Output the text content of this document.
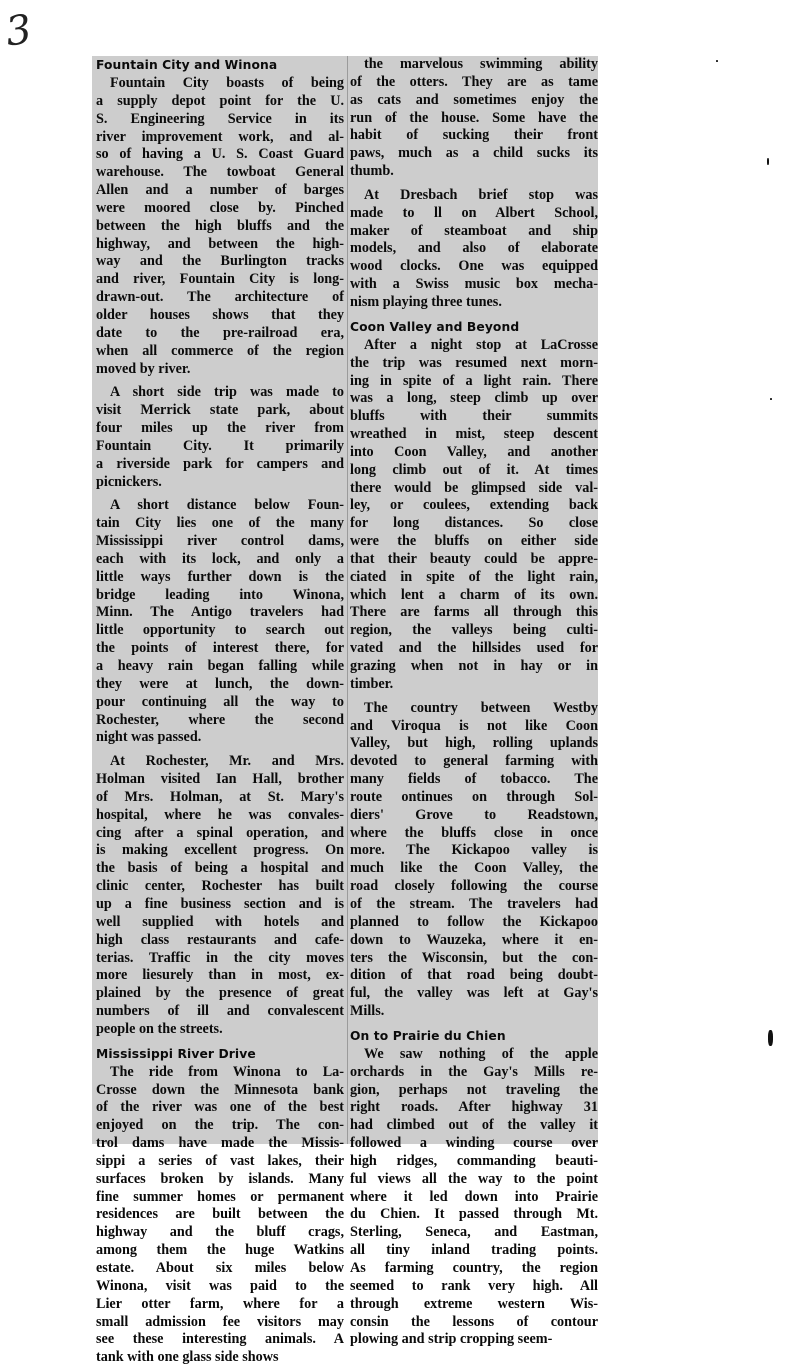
3
Fountain City and Winona
Fountain City boasts of being
a supply depot point for the U.
S. Engineering Service in its
river improvement work, and al-
so of having a U. S. Coast Guard
warehouse. The towboat General
Allen and a number of barges
were moored close by. Pinched
between the high bluffs and the
highway, and between the high-
way and the Burlington tracks
and river, Fountain City is long-
drawn-out. The architecture of
older houses shows that they
date to the pre-railroad era,
when all commerce of the region
moved by river.
A short side trip was made to
visit Merrick state park, about
four miles up the river from
Fountain City. It primarily
a riverside park for campers and
picnickers.
A short distance below Foun-
tain City lies one of the many
Mississippi river control dams,
each with its lock, and only a
little ways further down is the
bridge leading into Winona,
Minn. The Antigo travelers had
little opportunity to search out
the points of interest there, for
a heavy rain began falling while
they were at lunch, the down-
pour continuing all the way to
Rochester, where the second
night was passed.
At Rochester, Mr. and Mrs.
Holman visited Ian Hall, brother
of Mrs. Holman, at St. Mary's
hospital, where he was convales-
cing after a spinal operation, and
is making excellent progress. On
the basis of being a hospital and
clinic center, Rochester has built
up a fine business section and is
well supplied with hotels and
high class restaurants and cafe-
terias. Traffic in the city moves
more liesurely than in most, ex-
plained by the presence of great
numbers of ill and convalescent
people on the streets.
Mississippi River Drive
The ride from Winona to La-
Crosse down the Minnesota bank
of the river was one of the best
enjoyed on the trip. The con-
trol dams have made the Missis-
sippi a series of vast lakes, their
surfaces broken by islands. Many
fine summer homes or permanent
residences are built between the
highway and the bluff crags,
among them the huge Watkins
estate. About six miles below
Winona, visit was paid to the
Lier otter farm, where for a
small admission fee visitors may
see these interesting animals. A
tank with one glass side shows
the marvelous swimming ability
of the otters. They are as tame
as cats and sometimes enjoy the
run of the house. Some have the
habit of sucking their front
paws, much as a child sucks its
thumb.
At Dresbach brief stop was
made to ll on Albert School,
maker of steamboat and ship
models, and also of elaborate
wood clocks. One was equipped
with a Swiss music box mecha-
nism playing three tunes.
Coon Valley and Beyond
After a night stop at LaCrosse
the trip was resumed next morn-
ing in spite of a light rain. There
was a long, steep climb up over
bluffs with their summits
wreathed in mist, steep descent
into Coon Valley, and another
long climb out of it. At times
there would be glimpsed side val-
ley, or coulees, extending back
for long distances. So close
were the bluffs on either side
that their beauty could be appre-
ciated in spite of the light rain,
which lent a charm of its own.
There are farms all through this
region, the valleys being culti-
vated and the hillsides used for
grazing when not in hay or in
timber.
The country between Westby
and Viroqua is not like Coon
Valley, but high, rolling uplands
devoted to general farming with
many fields of tobacco. The
route ontinues on through Sol-
diers' Grove to Readstown,
where the bluffs close in once
more. The Kickapoo valley is
much like the Coon Valley, the
road closely following the course
of the stream. The travelers had
planned to follow the Kickapoo
down to Wauzeka, where it en-
ters the Wisconsin, but the con-
dition of that road being doubt-
ful, the valley was left at Gay's
Mills.
On to Prairie du Chien
We saw nothing of the apple
orchards in the Gay's Mills re-
gion, perhaps not traveling the
right roads. After highway 31
had climbed out of the valley it
followed a winding course over
high ridges, commanding beauti-
ful views all the way to the point
where it led down into Prairie
du Chien. It passed through Mt.
Sterling, Seneca, and Eastman,
all tiny inland trading points.
As farming country, the region
seemed to rank very high. All
through extreme western Wis-
consin the lessons of contour
plowing and strip cropping seem-
